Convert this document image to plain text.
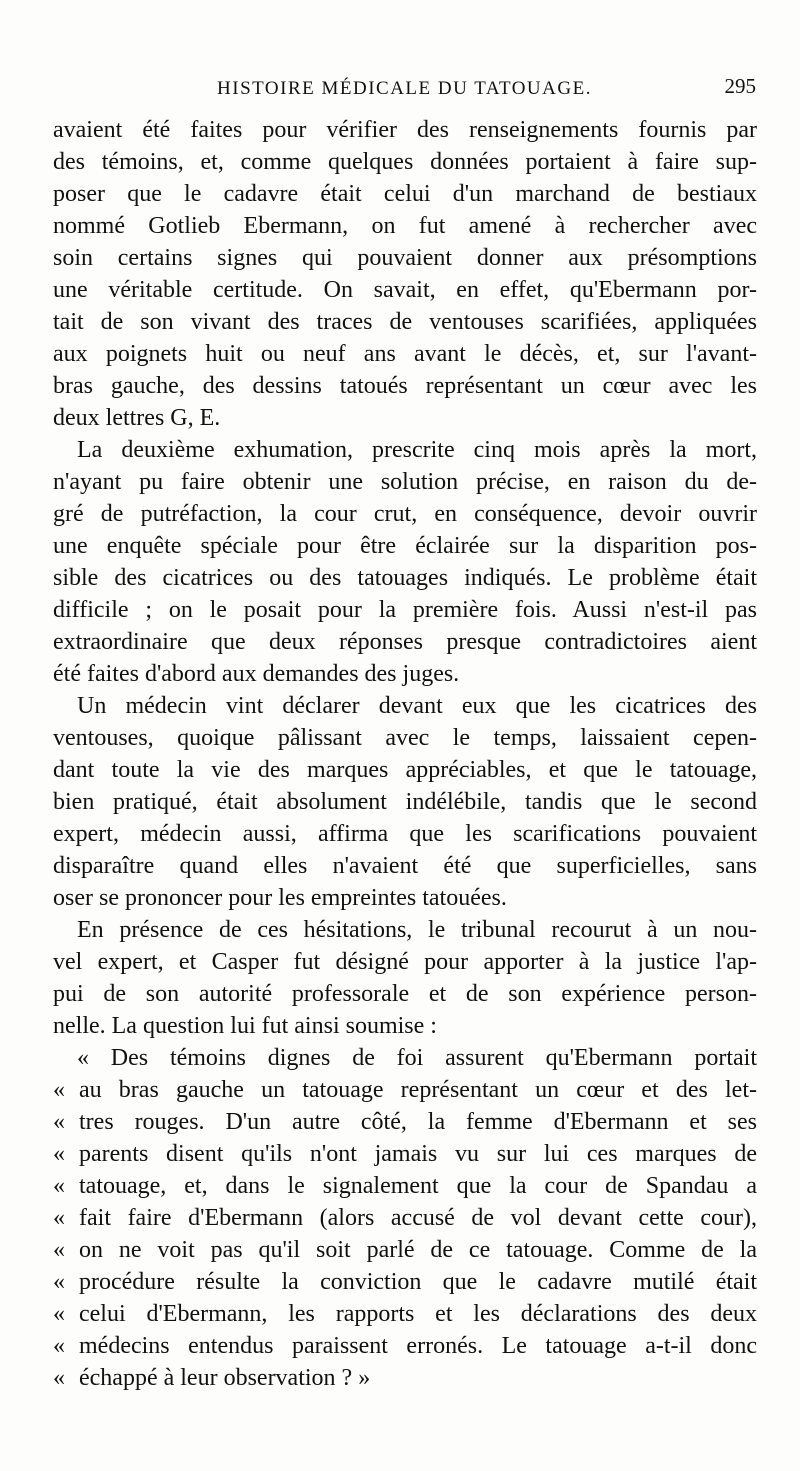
HISTOIRE MÉDICALE DU TATOUAGE.	295
avaient été faites pour vérifier des renseignements fournis par
des témoins, et, comme quelques données portaient à faire sup-
poser que le cadavre était celui d'un marchand de bestiaux
nommé Gotlieb Ebermann, on fut amené à rechercher avec
soin certains signes qui pouvaient donner aux présomptions
une véritable certitude. On savait, en effet, qu'Ebermann por-
tait de son vivant des traces de ventouses scarifiées, appliquées
aux poignets huit ou neuf ans avant le décès, et, sur l'avant-
bras gauche, des dessins tatoués représentant un cœur avec les
deux lettres G, E.
La deuxième exhumation, prescrite cinq mois après la mort,
n'ayant pu faire obtenir une solution précise, en raison du de-
gré de putréfaction, la cour crut, en conséquence, devoir ouvrir
une enquête spéciale pour être éclairée sur la disparition pos-
sible des cicatrices ou des tatouages indiqués. Le problème était
difficile ; on le posait pour la première fois. Aussi n'est-il pas
extraordinaire que deux réponses presque contradictoires aient
été faites d'abord aux demandes des juges.
Un médecin vint déclarer devant eux que les cicatrices des
ventouses, quoique pâlissant avec le temps, laissaient cepen-
dant toute la vie des marques appréciables, et que le tatouage,
bien pratiqué, était absolument indélébile, tandis que le second
expert, médecin aussi, affirma que les scarifications pouvaient
disparaître quand elles n'avaient été que superficielles, sans
oser se prononcer pour les empreintes tatouées.
En présence de ces hésitations, le tribunal recourut à un nou-
vel expert, et Casper fut désigné pour apporter à la justice l'ap-
pui de son autorité professorale et de son expérience person-
nelle. La question lui fut ainsi soumise :
« Des témoins dignes de foi assurent qu'Ebermann portait
« au bras gauche un tatouage représentant un cœur et des let-
« tres rouges. D'un autre côté, la femme d'Ebermann et ses
« parents disent qu'ils n'ont jamais vu sur lui ces marques de
« tatouage, et, dans le signalement que la cour de Spandau a
« fait faire d'Ebermann (alors accusé de vol devant cette cour),
« on ne voit pas qu'il soit parlé de ce tatouage. Comme de la
« procédure résulte la conviction que le cadavre mutilé était
« celui d'Ebermann, les rapports et les déclarations des deux
« médecins entendus paraissent erronés. Le tatouage a-t-il donc
« échappé à leur observation ? »
